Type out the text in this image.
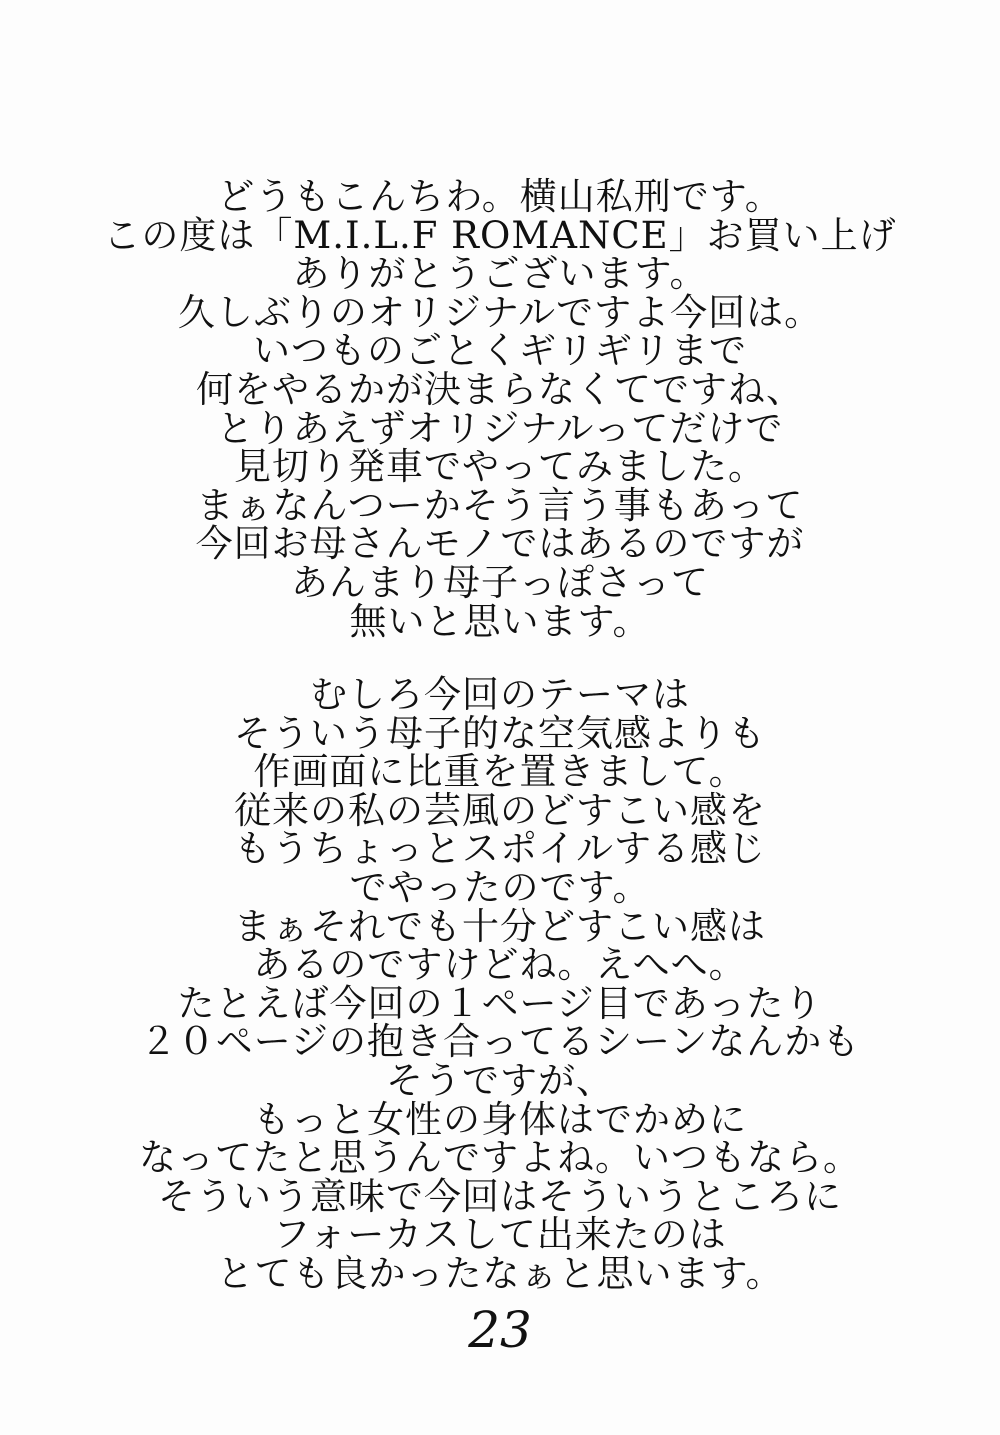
どうもこんちわ。横山私刑です。
この度は「M.I.L.F ROMANCE」お買い上げ
ありがとうございます。
久しぶりのオリジナルですよ今回は。
いつものごとくギリギリまで
何をやるかが決まらなくてですね、
とりあえずオリジナルってだけで
見切り発車でやってみました。
まぁなんつーかそう言う事もあって
今回お母さんモノではあるのですが
あんまり母子っぽさって
無いと思います。
むしろ今回のテーマは
そういう母子的な空気感よりも
作画面に比重を置きまして。
従来の私の芸風のどすこい感を
もうちょっとスポイルする感じ
でやったのです。
まぁそれでも十分どすこい感は
あるのですけどね。えへへ。
たとえば今回の１ページ目であったり
２０ページの抱き合ってるシーンなんかも
そうですが、
もっと女性の身体はでかめに
なってたと思うんですよね。いつもなら。
そういう意味で今回はそういうところに
フォーカスして出来たのは
とても良かったなぁと思います。
23
